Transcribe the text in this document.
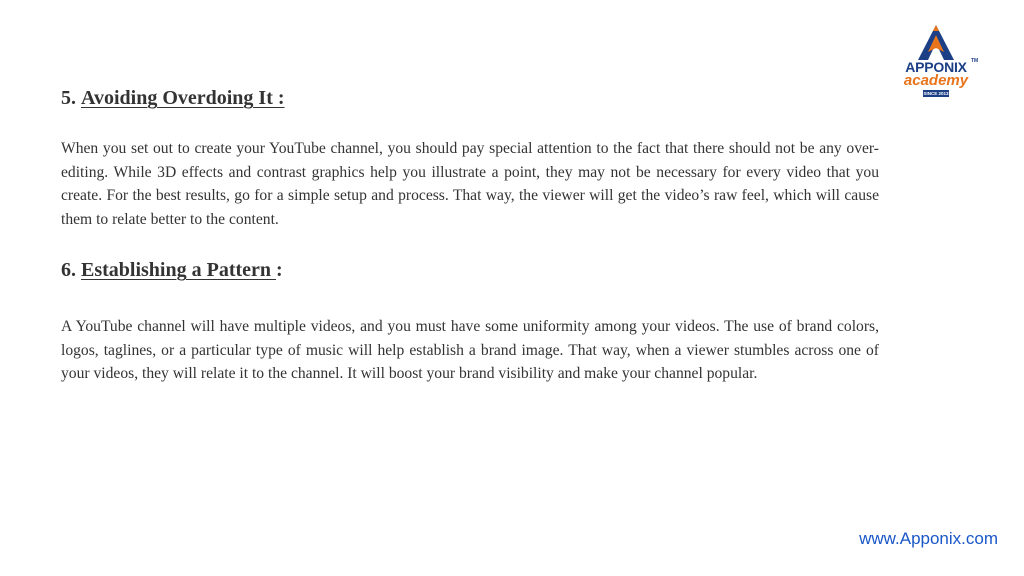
APPONIX TM
academy
SINCE 2013
5. Avoiding Overdoing It :

When you set out to create your YouTube channel, you should pay special attention to the fact that there should not be any over-editing. While 3D effects and contrast graphics help you illustrate a point, they may not be necessary for every video that you create. For the best results, go for a simple setup and process. That way, the viewer will get the video’s raw feel, which will cause them to relate better to the content.

6. Establishing a Pattern :

A YouTube channel will have multiple videos, and you must have some uniformity among your videos. The use of brand colors, logos, taglines, or a particular type of music will help establish a brand image. That way, when a viewer stumbles across one of your videos, they will relate it to the channel. It will boost your brand visibility and make your channel popular.

www.Apponix.com
